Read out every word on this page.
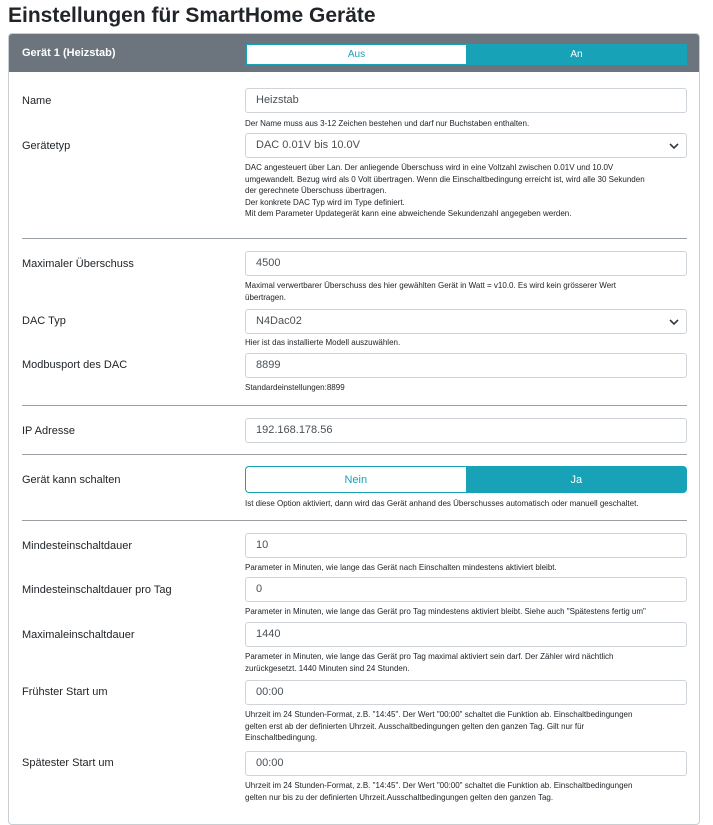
Einstellungen für SmartHome Geräte
Gerät 1 (Heizstab)	Aus	An
Name	Heizstab
Der Name muss aus 3-12 Zeichen bestehen und darf nur Buchstaben enthalten.
Gerätetyp	DAC 0.01V bis 10.0V
DAC angesteuert über Lan. Der anliegende Überschuss wird in eine Voltzahl zwischen 0.01V und 10.0V
umgewandelt. Bezug wird als 0 Volt übertragen. Wenn die Einschaltbedingung erreicht ist, wird alle 30 Sekunden
der gerechnete Überschuss übertragen.
Der konkrete DAC Typ wird im Type definiert.
Mit dem Parameter Updategerät kann eine abweichende Sekundenzahl angegeben werden.
Maximaler Überschuss	4500
Maximal verwertbarer Überschuss des hier gewählten Gerät in Watt = v10.0. Es wird kein grösserer Wert
übertragen.
DAC Typ	N4Dac02
Hier ist das installierte Modell auszuwählen.
Modbusport des DAC	8899
Standardeinstellungen:8899
IP Adresse	192.168.178.56
Gerät kann schalten	Nein	Ja
Ist diese Option aktiviert, dann wird das Gerät anhand des Überschusses automatisch oder manuell geschaltet.
Mindesteinschaltdauer	10
Parameter in Minuten, wie lange das Gerät nach Einschalten mindestens aktiviert bleibt.
Mindesteinschaltdauer pro Tag	0
Parameter in Minuten, wie lange das Gerät pro Tag mindestens aktiviert bleibt. Siehe auch "Spätestens fertig um"
Maximaleinschaltdauer	1440
Parameter in Minuten, wie lange das Gerät pro Tag maximal aktiviert sein darf. Der Zähler wird nächtlich
zurückgesetzt. 1440 Minuten sind 24 Stunden.
Frühster Start um	00:00
Uhrzeit im 24 Stunden-Format, z.B. "14:45". Der Wert "00:00" schaltet die Funktion ab. Einschaltbedingungen
gelten erst ab der definierten Uhrzeit. Ausschaltbedingungen gelten den ganzen Tag. Gilt nur für
Einschaltbedingung.
Spätester Start um	00:00
Uhrzeit im 24 Stunden-Format, z.B. "14:45". Der Wert "00:00" schaltet die Funktion ab. Einschaltbedingungen
gelten nur bis zu der definierten Uhrzeit.Ausschaltbedingungen gelten den ganzen Tag.
